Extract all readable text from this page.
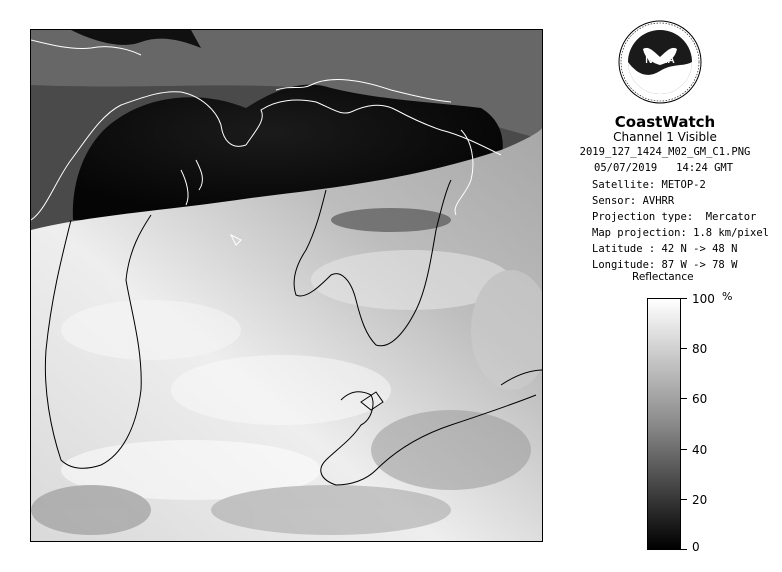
NOAA
CoastWatch
Channel 1 Visible
2019_127_1424_M02_GM_C1.PNG
05/07/2019   14:24 GMT
Satellite: METOP-2
Sensor: AVHRR
Projection type:  Mercator
Map projection: 1.8 km/pixel
Latitude : 42 N -> 48 N
Longitude: 87 W -> 78 W
Reflectance
%
100
80
60
40
20
0
